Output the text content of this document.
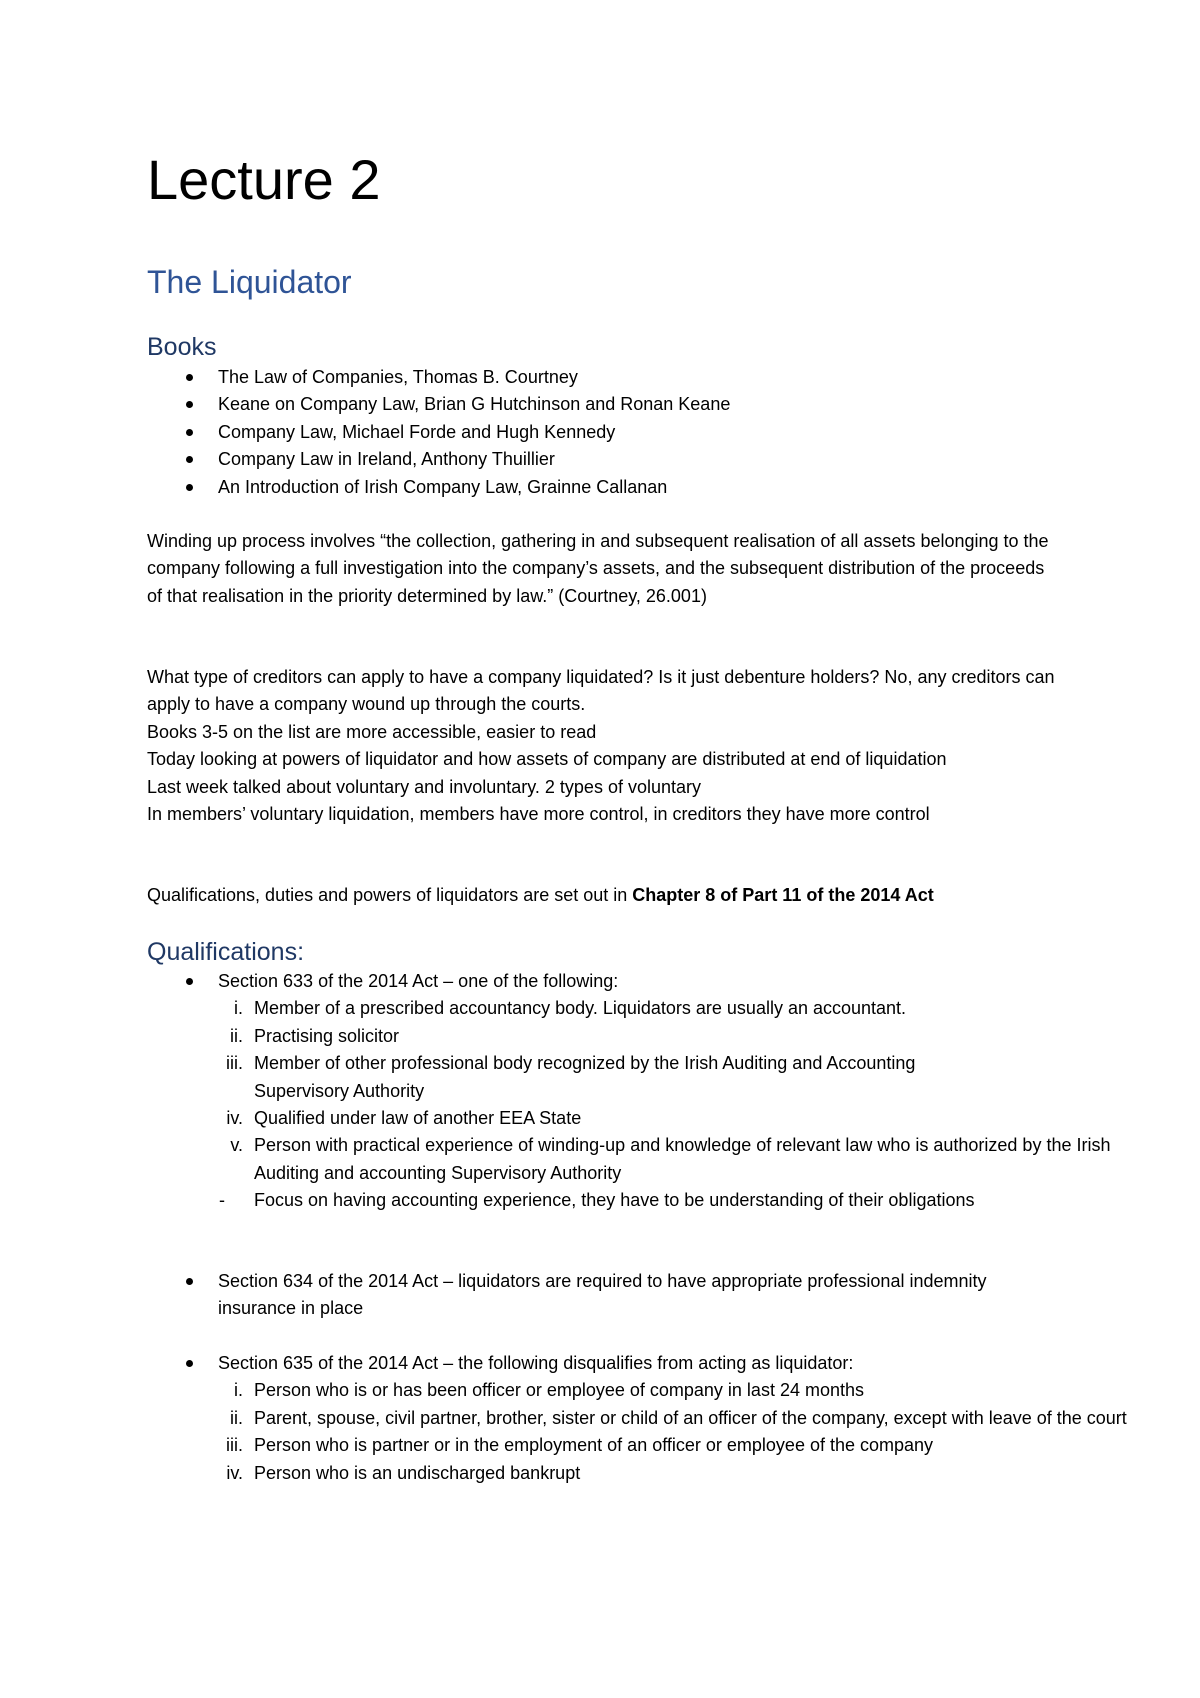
Lecture 2
The Liquidator
Books
The Law of Companies, Thomas B. Courtney
Keane on Company Law, Brian G Hutchinson and Ronan Keane
Company Law, Michael Forde and Hugh Kennedy
Company Law in Ireland, Anthony Thuillier
An Introduction of Irish Company Law, Grainne Callanan

Winding up process involves “the collection, gathering in and subsequent realisation of all assets belonging to the company following a full investigation into the company’s assets, and the subsequent distribution of the proceeds of that realisation in the priority determined by law.” (Courtney, 26.001)

What type of creditors can apply to have a company liquidated? Is it just debenture holders? No, any creditors can apply to have a company wound up through the courts.

Books 3-5 on the list are more accessible, easier to read

Today looking at powers of liquidator and how assets of company are distributed at end of liquidation

Last week talked about voluntary and involuntary. 2 types of voluntary

In members’ voluntary liquidation, members have more control, in creditors they have more control

Qualifications, duties and powers of liquidators are set out in Chapter 8 of Part 11 of the 2014 Act

Qualifications:
Section 633 of the 2014 Act – one of the following:
i. Member of a prescribed accountancy body. Liquidators are usually an accountant.
ii. Practising solicitor
iii. Member of other professional body recognized by the Irish Auditing and Accounting Supervisory Authority
iv. Qualified under law of another EEA State
v. Person with practical experience of winding-up and knowledge of relevant law who is authorized by the Irish Auditing and accounting Supervisory Authority
- Focus on having accounting experience, they have to be understanding of their obligations
Section 634 of the 2014 Act – liquidators are required to have appropriate professional indemnity insurance in place
Section 635 of the 2014 Act – the following disqualifies from acting as liquidator:
i. Person who is or has been officer or employee of company in last 24 months
ii. Parent, spouse, civil partner, brother, sister or child of an officer of the company, except with leave of the court
iii. Person who is partner or in the employment of an officer or employee of the company
iv. Person who is an undischarged bankrupt
